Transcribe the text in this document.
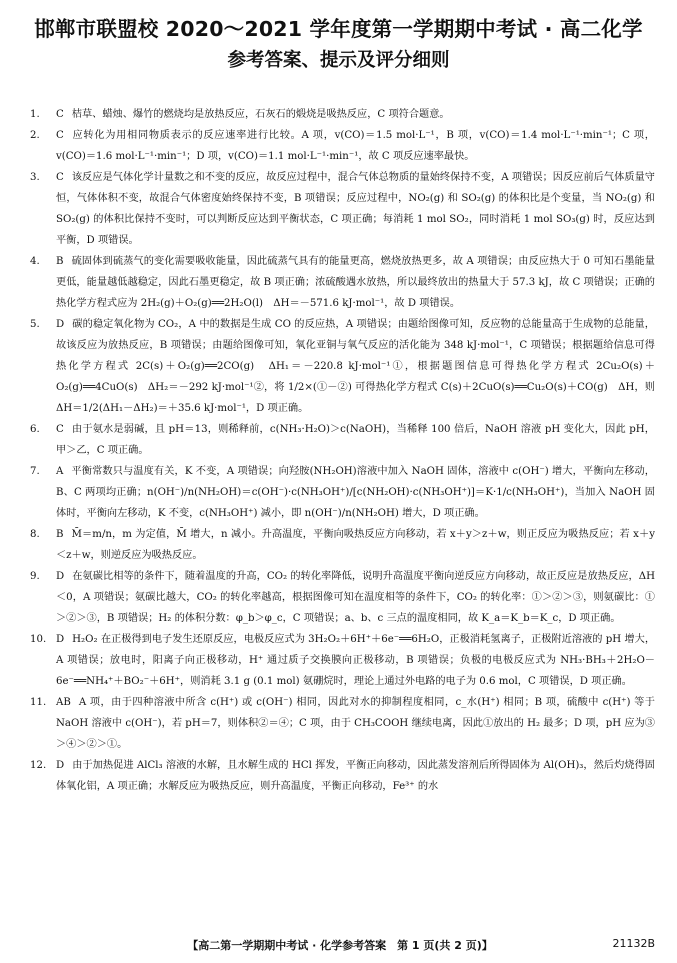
邯郸市联盟校 2020～2021 学年度第一学期期中考试 · 高二化学
参考答案、提示及评分细则
1.	C 桔草、蜡烛、爆竹的燃烧均是放热反应，石灰石的煅烧是吸热反应，C 项符合题意。
2.	C 应转化为用相同物质表示的反应速率进行比较。A 项，v(CO)＝1.5 mol·L⁻¹，B 项，v(CO)＝1.4 mol·L⁻¹·min⁻¹；C 项，v(CO)＝1.6 mol·L⁻¹·min⁻¹；D 项，v(CO)＝1.1 mol·L⁻¹·min⁻¹，故 C 项反应速率最快。
3.	C 该反应是气体化学计量数之和不变的反应，故反应过程中，混合气体总物质的量始终保持不变，A 项错误；因反应前后气体质量守恒，气体体积不变，故混合气体密度始终保持不变，B 项错误；反应过程中，NO₂(g) 和 SO₂(g) 的体积比是个变量，当 NO₂(g) 和 SO₂(g) 的体积比保持不变时，可以判断反应达到平衡状态，C 项正确；每消耗 1 mol SO₂，同时消耗 1 mol SO₃(g) 时，反应达到平衡，D 项错误。
4.	B 硫固体到硫蒸气的变化需要吸收能量，因此硫蒸气具有的能量更高，燃烧放热更多，故 A 项错误；由反应热大于 0 可知石墨能量更低，能量越低越稳定，因此石墨更稳定，故 B 项正确；浓硫酸遇水放热，所以最终放出的热量大于 57.3 kJ，故 C 项错误；正确的热化学方程式应为 2H₂(g)＋O₂(g)══2H₂O(l)　ΔH＝－571.6 kJ·mol⁻¹，故 D 项错误。
5.	D 碳的稳定氧化物为 CO₂，A 中的数据是生成 CO 的反应热，A 项错误；由题给图像可知，反应物的总能量高于生成物的总能量，故该反应为放热反应，B 项错误；由题给图像可知，氧化亚铜与氧气反应的活化能为 348 kJ·mol⁻¹，C 项错误；根据题给信息可得热化学方程式 2C(s)＋O₂(g)══2CO(g)　ΔH₁＝－220.8 kJ·mol⁻¹①，根据题图信息可得热化学方程式 2Cu₂O(s)＋O₂(g)══4CuO(s)　ΔH₂＝－292 kJ·mol⁻¹②，将 1/2×(①－②) 可得热化学方程式 C(s)＋2CuO(s)══Cu₂O(s)＋CO(g)　ΔH，则 ΔH＝1/2(ΔH₁－ΔH₂)＝＋35.6 kJ·mol⁻¹，D 项正确。
6.	C 由于氨水是弱碱，且 pH＝13，则稀释前，c(NH₃·H₂O)＞c(NaOH)，当稀释 100 倍后，NaOH 溶液 pH 变化大，因此 pH，甲＞乙，C 项正确。
7.	A 平衡常数只与温度有关，K 不变，A 项错误；向羟胺(NH₂OH)溶液中加入 NaOH 固体，溶液中 c(OH⁻) 增大，平衡向左移动，B、C 两项均正确；n(OH⁻)/n(NH₂OH)＝c(OH⁻)·c(NH₃OH⁺)/[c(NH₂OH)·c(NH₃OH⁺)]＝K·1/c(NH₃OH⁺)，当加入 NaOH 固体时，平衡向左移动，K 不变，c(NH₃OH⁺) 减小，即 n(OH⁻)/n(NH₂OH) 增大，D 项正确。
8.	B M̄＝m/n，m 为定值，M̄ 增大，n 减小。升高温度，平衡向吸热反应方向移动，若 x＋y＞z＋w，则正反应为吸热反应；若 x＋y＜z＋w，则逆反应为吸热反应。
9.	D 在氨碳比相等的条件下，随着温度的升高，CO₂ 的转化率降低，说明升高温度平衡向逆反应方向移动，故正反应是放热反应，ΔH＜0，A 项错误；氨碳比越大，CO₂ 的转化率越高，根据图像可知在温度相等的条件下，CO₂ 的转化率：①＞②＞③，则氨碳比：①＞②＞③，B 项错误；H₂ 的体积分数：φ_b＞φ_c，C 项错误；a、b、c 三点的温度相同，故 K_a＝K_b＝K_c，D 项正确。
10. D H₂O₂ 在正极得到电子发生还原反应，电极反应式为 3H₂O₂＋6H⁺＋6e⁻══6H₂O，正极消耗氢离子，正极附近溶液的 pH 增大，A 项错误；放电时，阳离子向正极移动，H⁺ 通过质子交换膜向正极移动，B 项错误；负极的电极反应式为 NH₃·BH₃＋2H₂O－6e⁻══NH₄⁺＋BO₂⁻＋6H⁺，则消耗 3.1 g (0.1 mol) 氨硼烷时，理论上通过外电路的电子为 0.6 mol，C 项错误，D 项正确。
11. AB A 项，由于四种溶液中所含 c(H⁺) 或 c(OH⁻) 相同，因此对水的抑制程度相同，c_水(H⁺) 相同；B 项，硫酸中 c(H⁺) 等于 NaOH 溶液中 c(OH⁻)，若 pH＝7，则体积②＝④；C 项，由于 CH₃COOH 继续电离，因此①放出的 H₂ 最多；D 项，pH 应为③＞④＞②＞①。
12. D 由于加热促进 AlCl₃ 溶液的水解，且水解生成的 HCl 挥发，平衡正向移动，因此蒸发溶剂后所得固体为 Al(OH)₃，然后灼烧得固体氧化铝，A 项正确；水解反应为吸热反应，则升高温度，平衡正向移动，Fe³⁺ 的水
【高二第一学期期中考试 · 化学参考答案　第 1 页(共 2 页)】	21132B
